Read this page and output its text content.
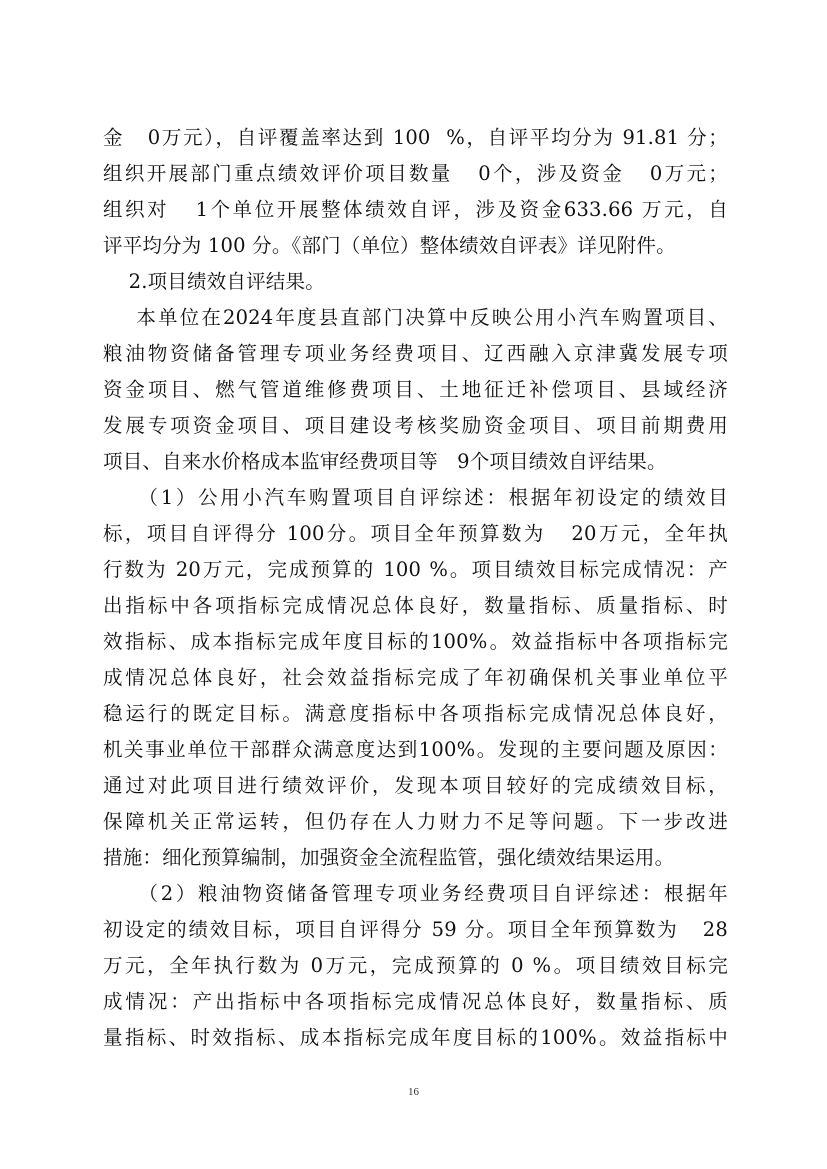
金   0万元），自评覆盖率达到 100  %，自评平均分为 91.81 分；
组织开展部门重点绩效评价项目数量   0个，涉及资金   0万元；
组织对   1个单位开展整体绩效自评，涉及资金633.66 万元，自
评平均分为 100 分。《部门（单位）整体绩效自评表》详见附件。
2.项目绩效自评结果。
本单位在2024年度县直部门决算中反映公用小汽车购置项目、
粮油物资储备管理专项业务经费项目、辽西融入京津冀发展专项
资金项目、燃气管道维修费项目、土地征迁补偿项目、县域经济
发展专项资金项目、项目建设考核奖励资金项目、项目前期费用
项目、自来水价格成本监审经费项目等   9个项目绩效自评结果。
（1）公用小汽车购置项目自评综述：根据年初设定的绩效目
标，项目自评得分 100分。项目全年预算数为   20万元，全年执
行数为 20万元，完成预算的 100 %。项目绩效目标完成情况：产
出指标中各项指标完成情况总体良好，数量指标、质量指标、时
效指标、成本指标完成年度目标的100%。效益指标中各项指标完
成情况总体良好，社会效益指标完成了年初确保机关事业单位平
稳运行的既定目标。满意度指标中各项指标完成情况总体良好，
机关事业单位干部群众满意度达到100%。发现的主要问题及原因：
通过对此项目进行绩效评价，发现本项目较好的完成绩效目标，
保障机关正常运转，但仍存在人力财力不足等问题。下一步改进
措施：细化预算编制，加强资金全流程监管，强化绩效结果运用。
（2）粮油物资储备管理专项业务经费项目自评综述：根据年
初设定的绩效目标，项目自评得分 59 分。项目全年预算数为   28
万元，全年执行数为 0万元，完成预算的 0 %。项目绩效目标完
成情况：产出指标中各项指标完成情况总体良好，数量指标、质
量指标、时效指标、成本指标完成年度目标的100%。效益指标中
16
